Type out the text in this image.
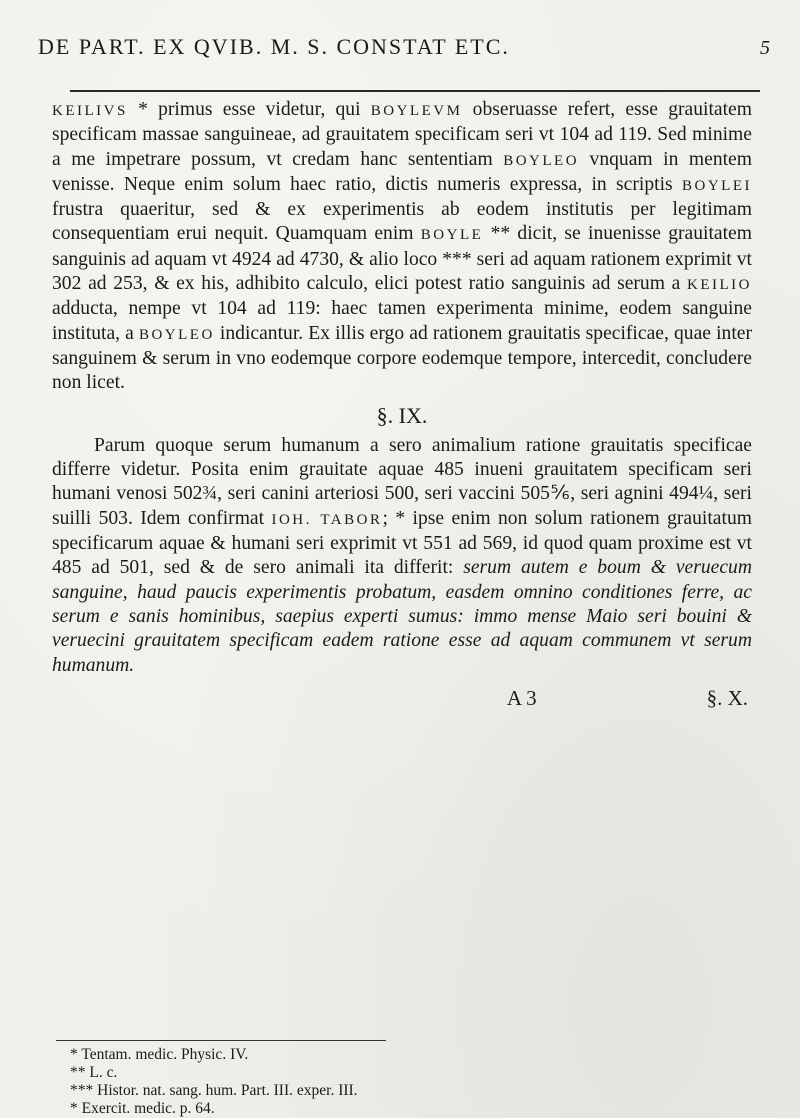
DE PART. EX QVIB. M. S. CONSTAT ETC.	5

KEILIVS * primus esse videtur, qui BOYLEVM obseruasse refert, esse grauitatem specificam massae sanguineae, ad grauitatem specificam seri vt 104 ad 119. Sed minime a me impetrare possum, vt credam hanc sententiam BOYLEO vnquam in mentem venisse. Neque enim solum haec ratio, dictis numeris expressa, in scriptis BOYLEI frustra quaeritur, sed & ex experimentis ab eodem institutis per legitimam consequentiam erui nequit. Quamquam enim BOYLE ** dicit, se inuenisse grauitatem sanguinis ad aquam vt 4924 ad 4730, & alio loco *** seri ad aquam rationem exprimit vt 302 ad 253, & ex his, adhibito calculo, elici potest ratio sanguinis ad serum a KEILIO adducta, nempe vt 104 ad 119: haec tamen experimenta minime, eodem sanguine instituta, a BOYLEO indicantur. Ex illis ergo ad rationem grauitatis specificae, quae inter sanguinem & serum in vno eodemque corpore eodemque tempore, intercedit, concludere non licet.

§. IX.

Parum quoque serum humanum a sero animalium ratione grauitatis specificae differre videtur. Posita enim grauitate aquae 485 inueni grauitatem specificam seri humani venosi 502¾, seri canini arteriosi 500, seri vaccini 505⅚, seri agnini 494¼, seri suilli 503. Idem confirmat IOH. TABOR; * ipse enim non solum rationem grauitatum specificarum aquae & humani seri exprimit vt 551 ad 569, id quod quam proxime est vt 485 ad 501, sed & de sero animali ita differit: serum autem e boum & veruecum sanguine, haud paucis experimentis probatum, easdem omnino conditiones ferre, ac serum e sanis hominibus, saepius experti sumus: immo mense Maio seri bouini & veruecini grauitatem specificam eadem ratione esse ad aquam communem vt serum humanum.

A 3	§. X.

* Tentam. medic. Physic. IV.

** L. c.

*** Histor. nat. sang. hum. Part. III. exper. III.

* Exercit. medic. p. 64.
